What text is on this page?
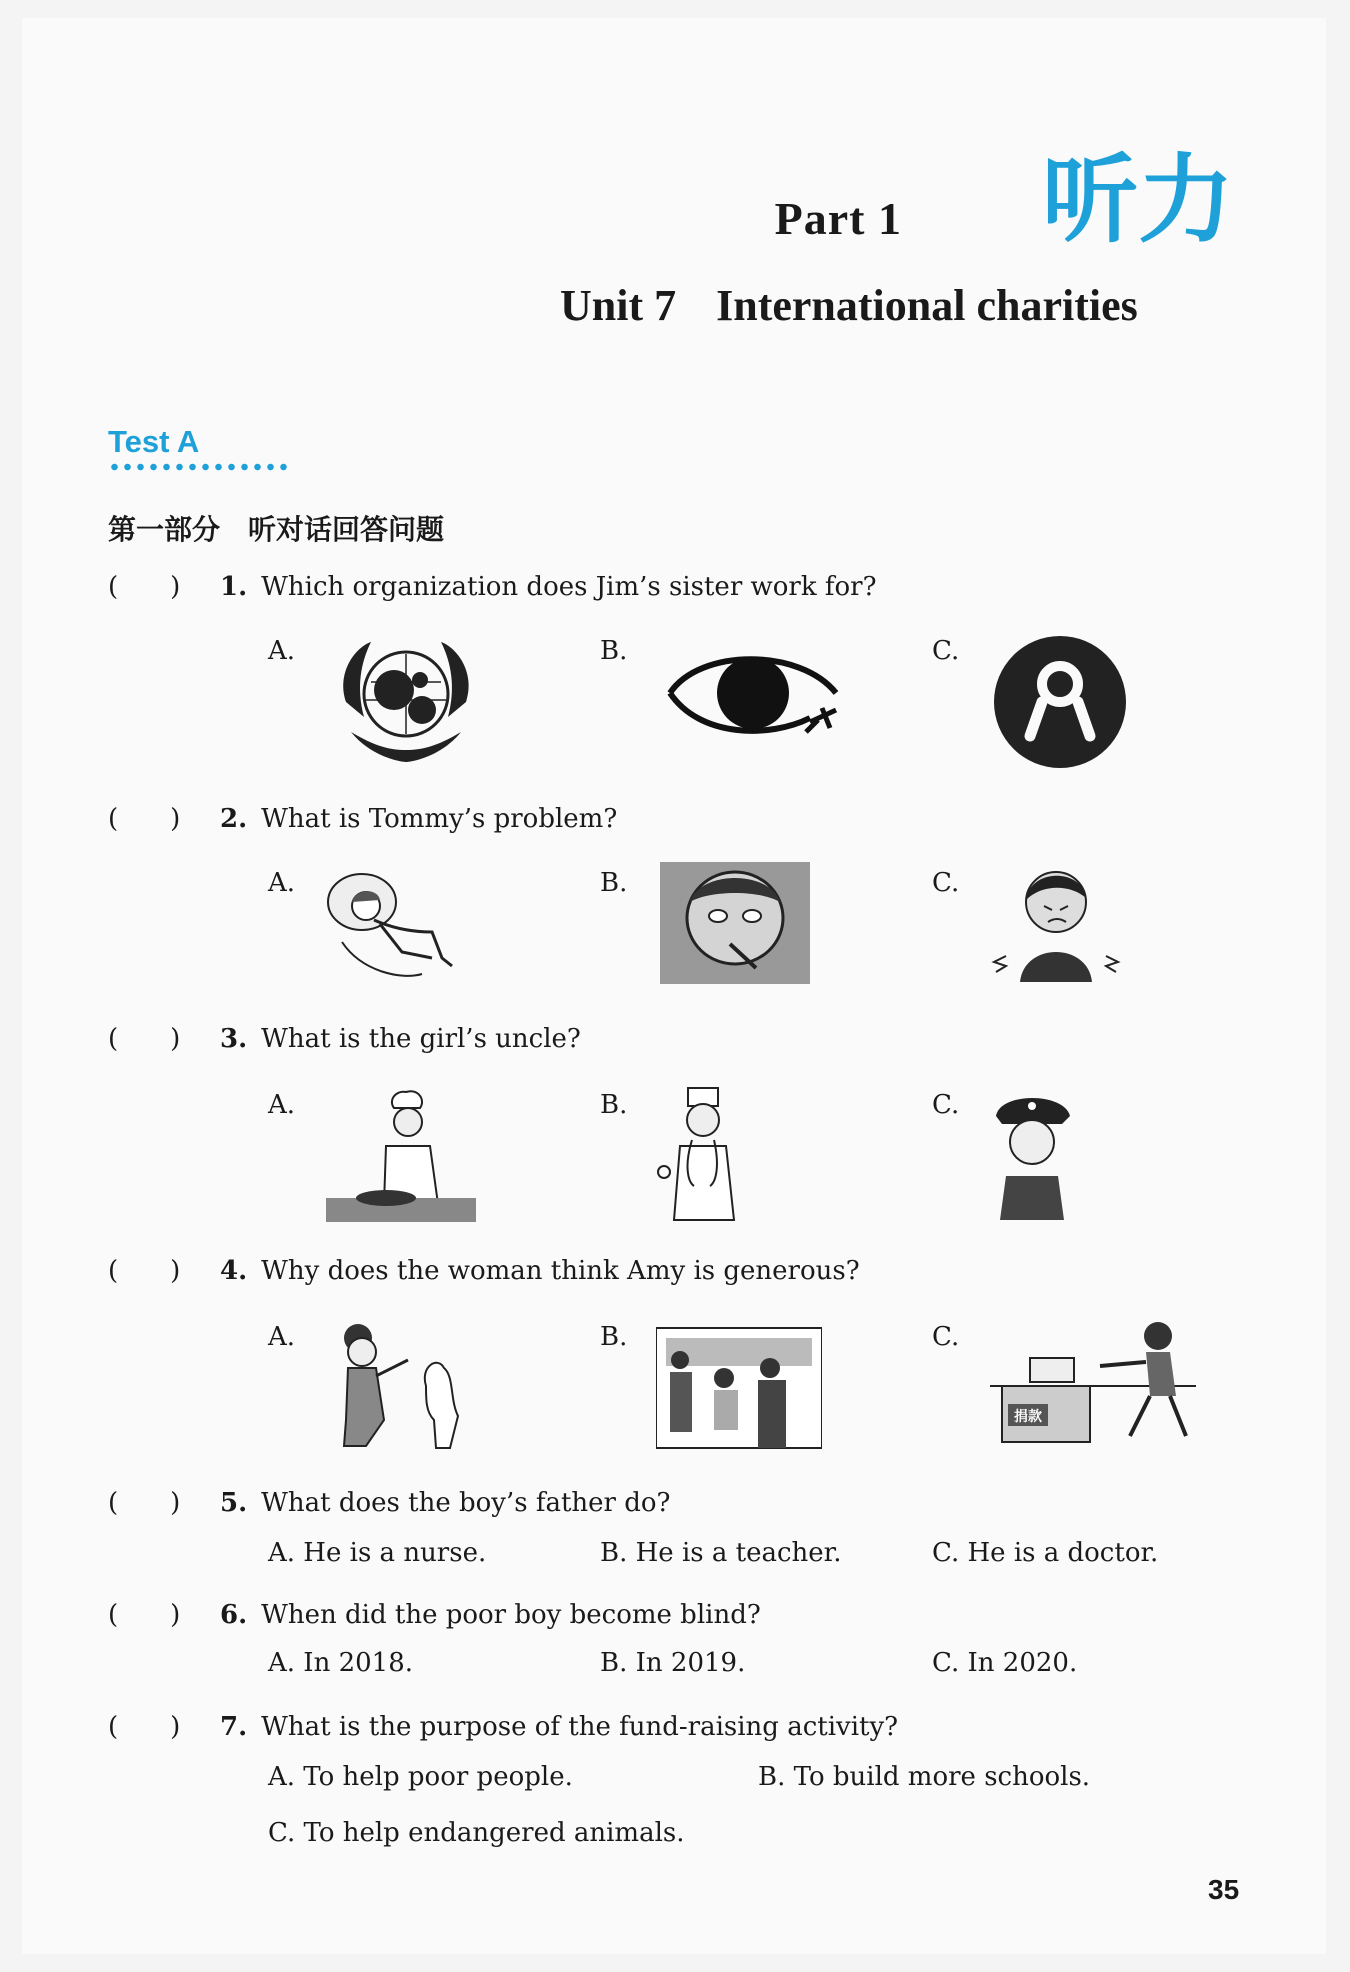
Part 1 听力
Unit 7 International charities
Test A
第一部分　听对话回答问题
(　　) 1. Which organization does Jim’s sister work for?
A.	B.	C.
(　　) 2. What is Tommy’s problem?
A.	B.	C.
(　　) 3. What is the girl’s uncle?
A.	B.	C.
(　　) 4. Why does the woman think Amy is generous?
A.	B.	C.
捐款
(　　) 5. What does the boy’s father do?
A. He is a nurse.	B. He is a teacher.	C. He is a doctor.
(　　) 6. When did the poor boy become blind?
A. In 2018.	B. In 2019.	C. In 2020.
(　　) 7. What is the purpose of the fund-raising activity?
A. To help poor people.	B. To build more schools.
C. To help endangered animals.
35
